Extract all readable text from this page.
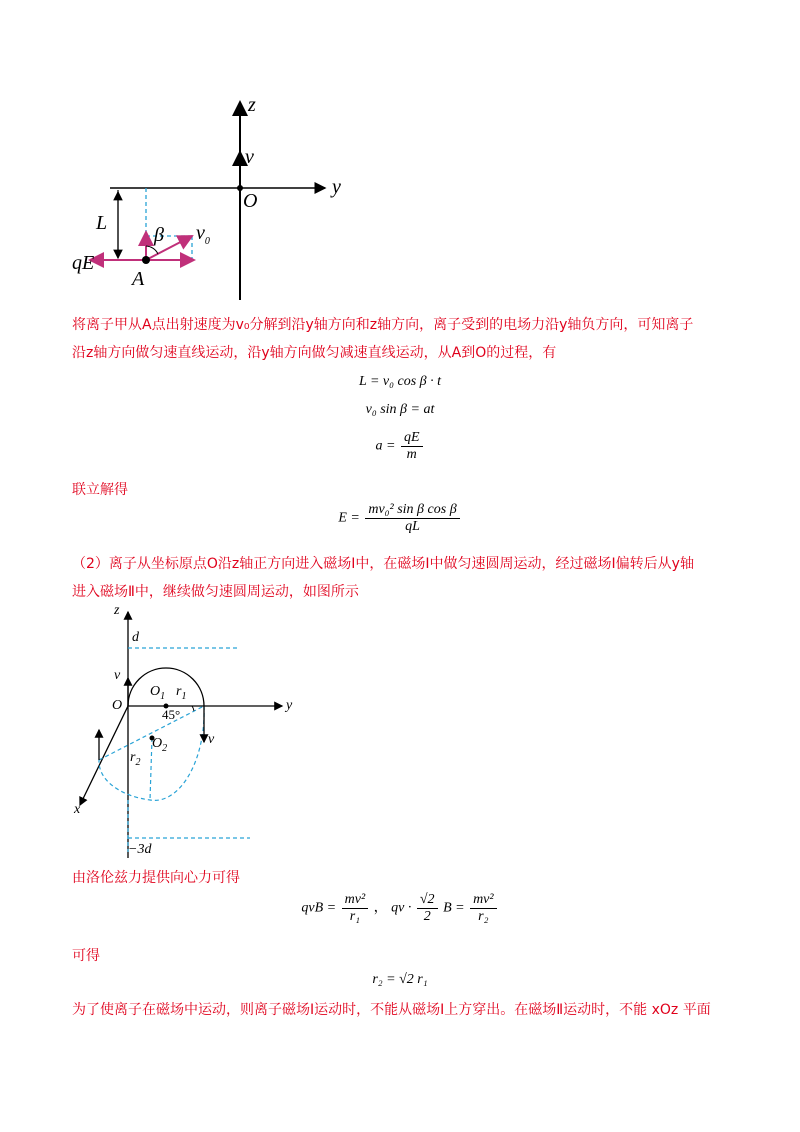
z
y
O
v
L
β $v_0$
qE
A
将离子甲从A点出射速度为v₀分解到沿y轴方向和z轴方向，离子受到的电场力沿y轴负方向，可知离子
沿z轴方向做匀速直线运动，沿y轴方向做匀减速直线运动，从A到O的过程，有
L = v₀ cos β · t
v₀ sin β = at
$a = \frac{qE}{m}$
联立解得
$E = \frac{\text{mv₀² sin β cos β}}{qL}$
（2）离子从坐标原点O沿z轴正方向进入磁场Ⅰ中，在磁场Ⅰ中做匀速圆周运动，经过磁场Ⅰ偏转后从y轴
进入磁场Ⅱ中，继续做匀速圆周运动，如图所示
z
y
x
d
−3d
v
v
O
$O_1$ $r_1$
45°
$O_2$
$r_2$
由洛伦兹力提供向心力可得
qvB = $\frac{\text{mv²}}{\text{r₁}}$ ， qv · $\frac{√2}{2}$ $B = \frac{\text{mv²}}{\text{r₂}}$
可得
r₂ = √2 r₁
为了使离子在磁场中运动，则离子磁场Ⅰ运动时，不能从磁场Ⅰ上方穿出。在磁场Ⅱ运动时，不能 xOz 平面
